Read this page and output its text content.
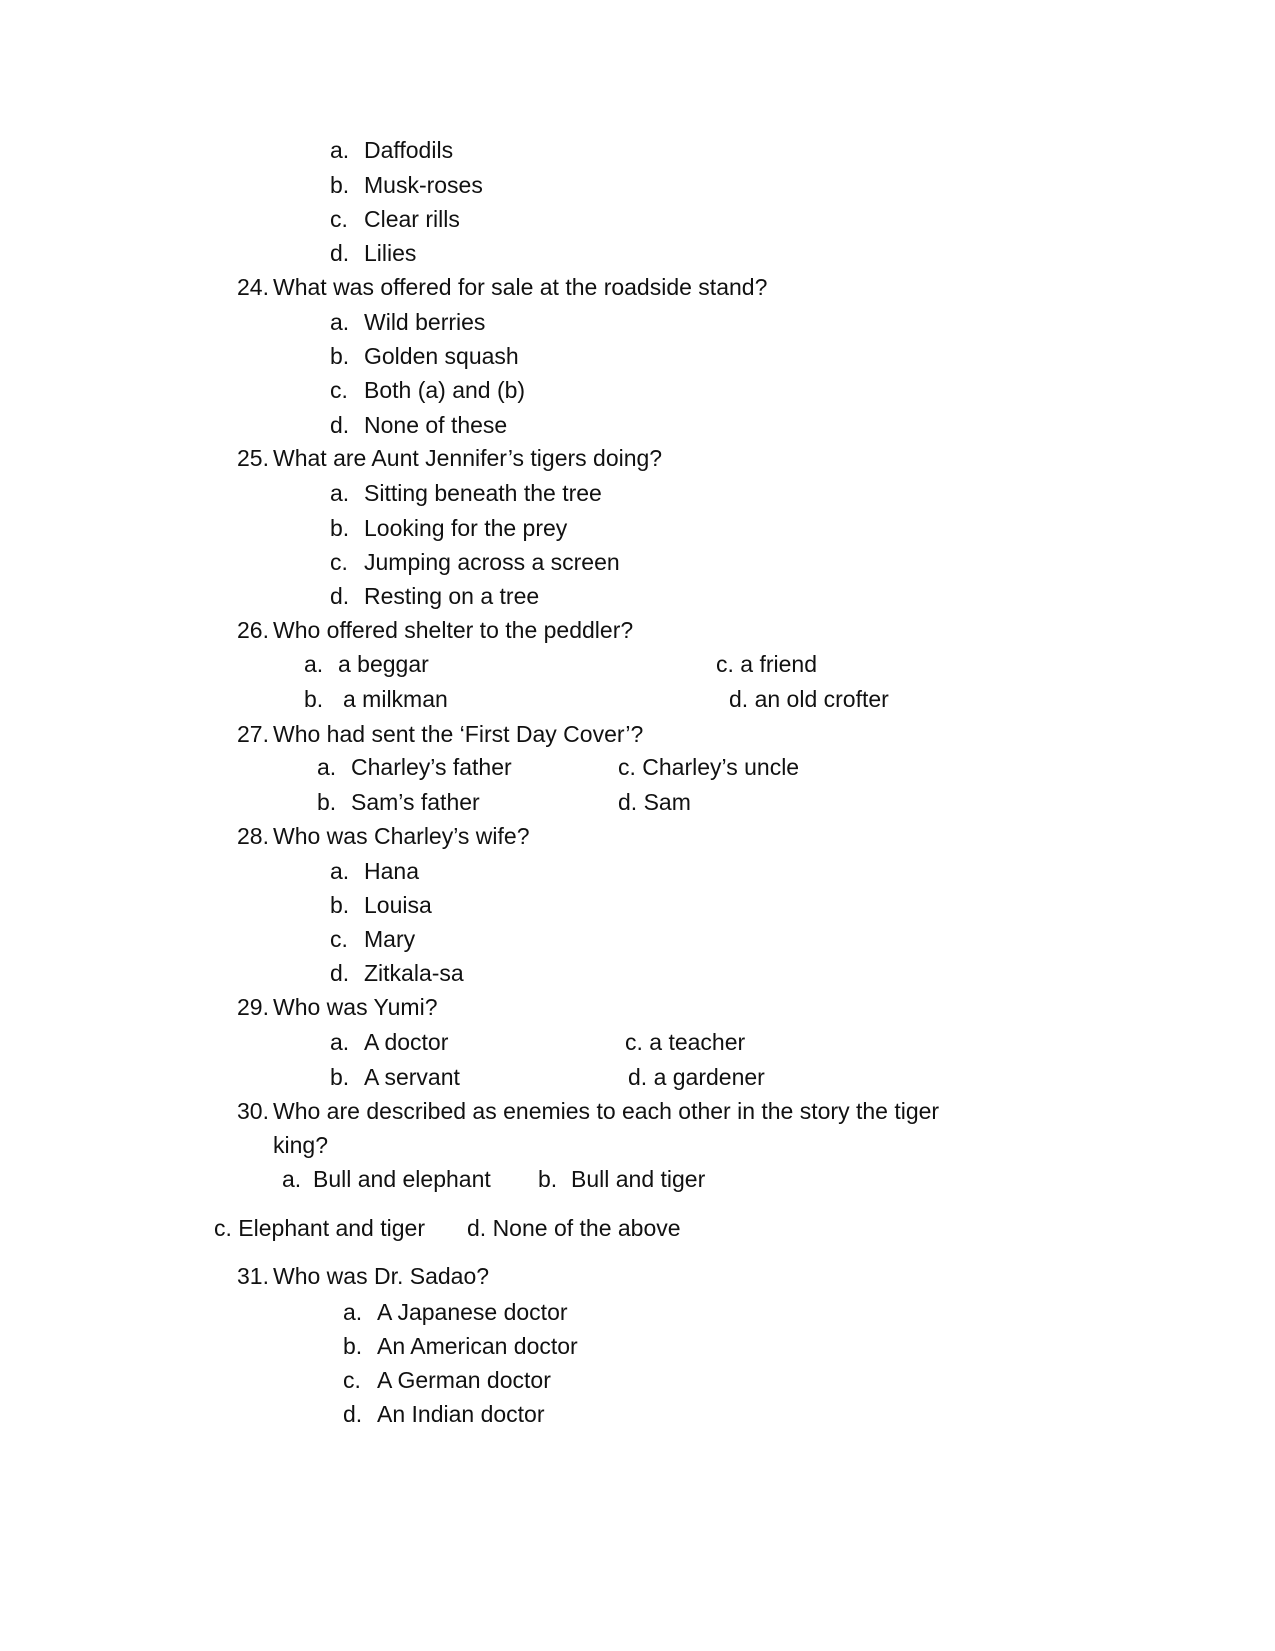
a. Daffodils
b. Musk-roses
c. Clear rills
d. Lilies
24. What was offered for sale at the roadside stand?
a. Wild berries
b. Golden squash
c. Both (a) and (b)
d. None of these
25. What are Aunt Jennifer’s tigers doing?
a. Sitting beneath the tree
b. Looking for the prey
c. Jumping across a screen
d. Resting on a tree
26. Who offered shelter to the peddler?
a. a beggar	c. a friend
b. a milkman	d. an old crofter
27. Who had sent the ‘First Day Cover’?
a. Charley’s father	c. Charley’s uncle
b. Sam’s father	d. Sam
28. Who was Charley’s wife?
a. Hana
b. Louisa
c. Mary
d. Zitkala-sa
29. Who was Yumi?
a. A doctor	c. a teacher
b. A servant	d. a gardener
30. Who are described as enemies to each other in the story the tiger
king?
a. Bull and elephant b. Bull and tiger
c. Elephant and tiger d. None of the above
31. Who was Dr. Sadao?
a. A Japanese doctor
b. An American doctor
c. A German doctor
d. An Indian doctor
